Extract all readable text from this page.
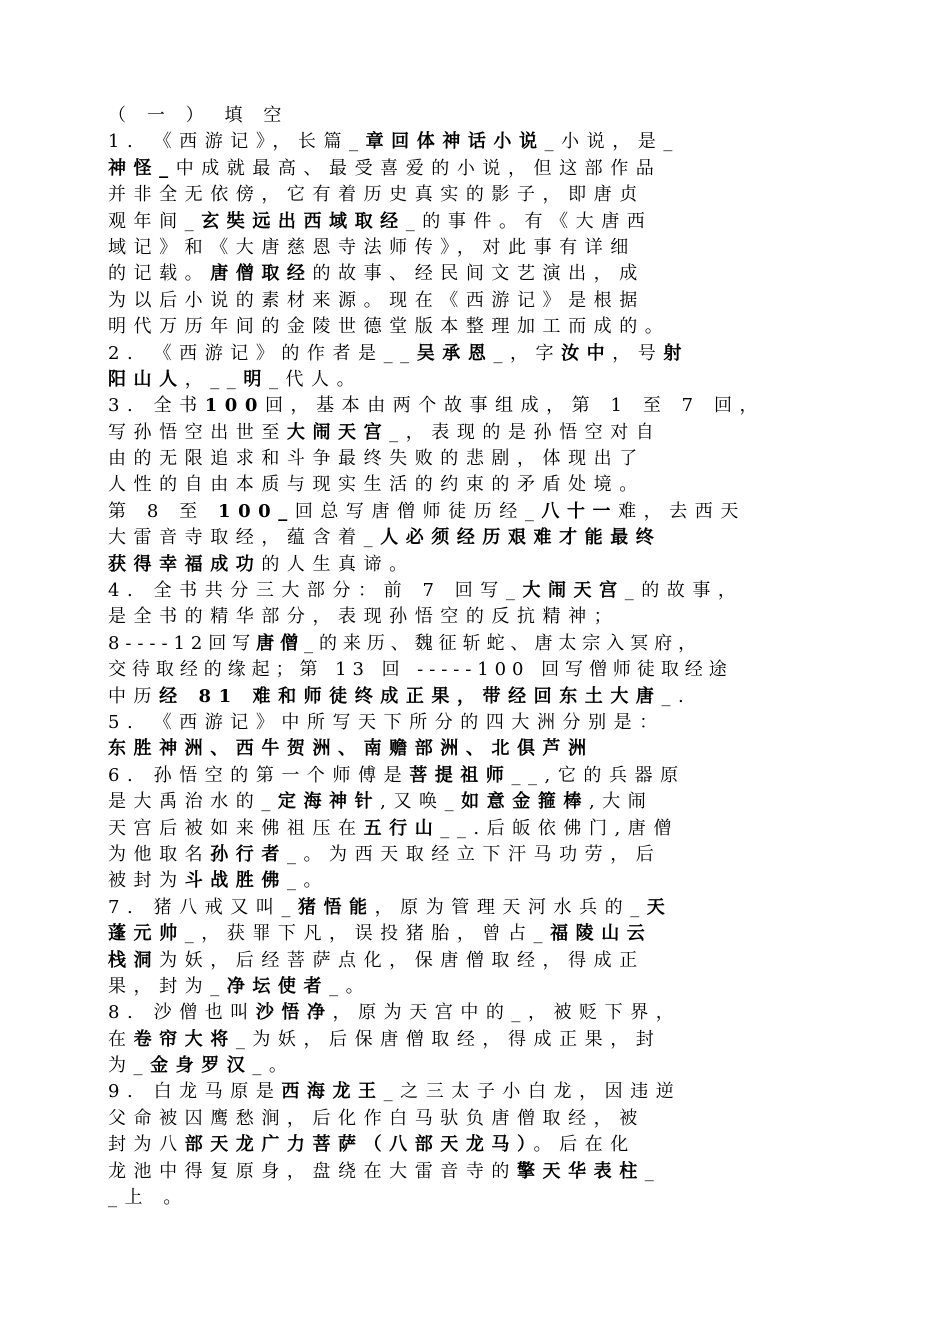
（ 一 ） 填 空
1. 《西游记》，长篇_章回体神话小说_小说，是_
神怪_中成就最高、最受喜爱的小说，但这部作品
并非全无依傍，它有着历史真实的影子，即唐贞
观年间_玄奘远出西域取经_的事件。有《大唐西
域记》和《大唐慈恩寺法师传》，对此事有详细
的记载。唐僧取经的故事、经民间文艺演出，成
为以后小说的素材来源。现在《西游记》是根据
明代万历年间的金陵世德堂版本整理加工而成的。
2. 《西游记》的作者是__吴承恩_，字汝中，号射
阳山人，__明_代人。
3. 全书100回，基本由两个故事组成，第 1 至 7 回，
写孙悟空出世至大闹天宫_，表现的是孙悟空对自
由的无限追求和斗争最终失败的悲剧，体现出了
人性的自由本质与现实生活的约束的矛盾处境。
第 8 至 100_回总写唐僧师徒历经_八十一难，去西天
大雷音寺取经，蕴含着_人必须经历艰难才能最终
获得幸福成功的人生真谛。
4. 全书共分三大部分：前 7 回写_大闹天宫_的故事，
是全书的精华部分，表现孙悟空的反抗精神；
8----12回写唐僧_的来历、魏征斩蛇、唐太宗入冥府，
交待取经的缘起；第 13 回 -----100 回写僧师徒取经途
中历经 81 难和师徒终成正果，带经回东土大唐_.
5. 《西游记》中所写天下所分的四大洲分别是：
东胜神洲、西牛贺洲、南赡部洲、北俱芦洲
6. 孙悟空的第一个师傅是菩提祖师__,它的兵器原
是大禹治水的_定海神针,又唤_如意金箍棒,大闹
天宫后被如来佛祖压在五行山__.后皈依佛门,唐僧
为他取名孙行者_。为西天取经立下汗马功劳，后
被封为斗战胜佛_。
7. 猪八戒又叫_猪悟能，原为管理天河水兵的_天
蓬元帅_，获罪下凡，误投猪胎，曾占_福陵山云
栈洞为妖，后经菩萨点化，保唐僧取经，得成正
果，封为_净坛使者_。
8. 沙僧也叫沙悟净，原为天宫中的_，被贬下界，
在卷帘大将_为妖，后保唐僧取经，得成正果，封
为_金身罗汉_。
9. 白龙马原是西海龙王_之三太子小白龙，因违逆
父命被囚鹰愁涧，后化作白马驮负唐僧取经，被
封为八部天龙广力菩萨（八部天龙马）。后在化
龙池中得复原身，盘绕在大雷音寺的擎天华表柱_
_上 。
